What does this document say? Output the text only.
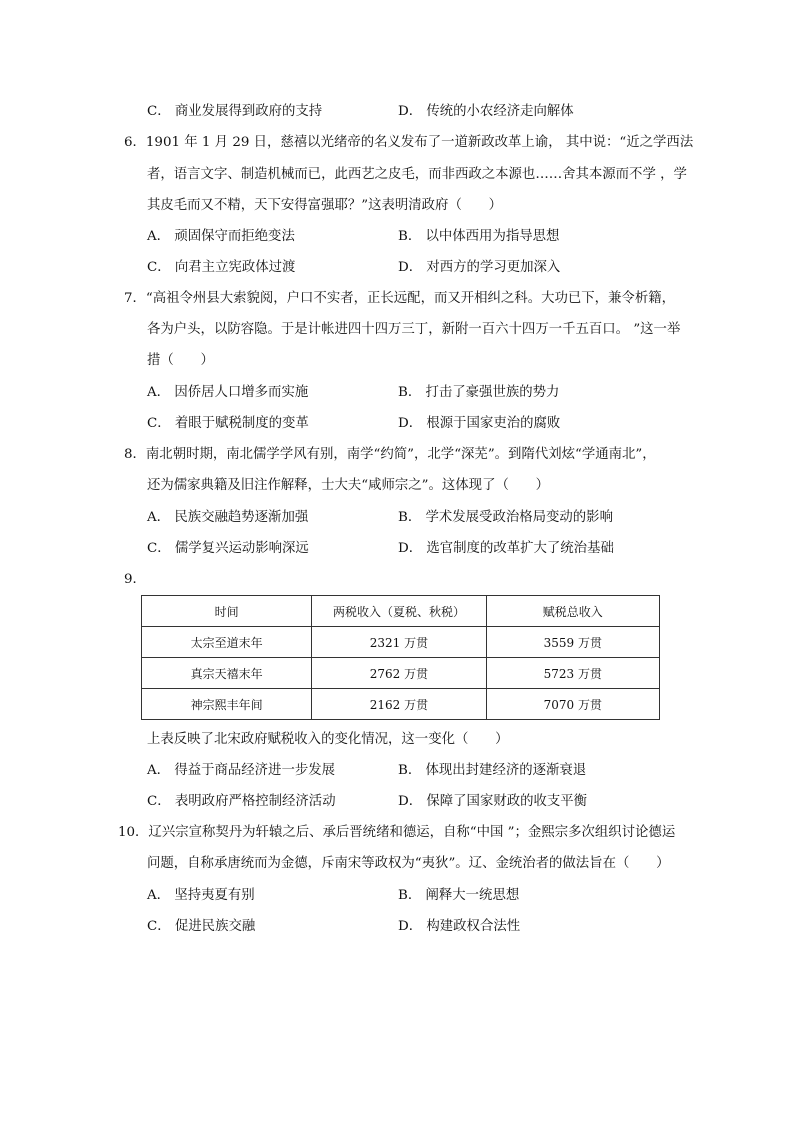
C． 商业发展得到政府的支持	D． 传统的小农经济走向解体
6．1901 年 1 月 29 日，慈禧以光绪帝的名义发布了一道新政改革上谕， 其中说：“近之学西法
者，语言文字、制造机械而已，此西艺之皮毛，而非西政之本源也……舍其本源而不学 ，学
其皮毛而又不精，天下安得富强耶？”这表明清政府（　　）
A． 顽固保守而拒绝变法	B． 以中体西用为指导思想
C． 向君主立宪政体过渡	D． 对西方的学习更加深入
7．“高祖令州县大索貌阅，户口不实者，正长远配，而又开相纠之科。大功已下，兼令析籍，
各为户头，以防容隐。于是计帐进四十四万三丁，新附一百六十四万一千五百口。 ”这一举
措（　　）
A． 因侨居人口增多而实施	B． 打击了豪强世族的势力
C． 着眼于赋税制度的变革	D． 根源于国家吏治的腐败
8．南北朝时期，南北儒学学风有别，南学“约简”，北学“深芜”。到隋代刘炫“学通南北”，
还为儒家典籍及旧注作解释，士大夫“咸师宗之”。这体现了（　　）
A． 民族交融趋势逐渐加强	B． 学术发展受政治格局变动的影响
C． 儒学复兴运动影响深远	D． 选官制度的改革扩大了统治基础
9．
时间	两税收入（夏税、秋税）	赋税总收入
太宗至道末年	2321 万贯	3559 万贯
真宗天禧末年	2762 万贯	5723 万贯
神宗熙丰年间	2162 万贯	7070 万贯
上表反映了北宋政府赋税收入的变化情况，这一变化（　　）
A． 得益于商品经济进一步发展	B． 体现出封建经济的逐渐衰退
C． 表明政府严格控制经济活动	D． 保障了国家财政的收支平衡
10．辽兴宗宣称契丹为轩辕之后、承后晋统绪和德运，自称“中国 ”；金熙宗多次组织讨论德运
问题，自称承唐统而为金德，斥南宋等政权为“夷狄”。辽、金统治者的做法旨在（　　）
A． 坚持夷夏有别	B． 阐释大一统思想
C． 促进民族交融	D． 构建政权合法性
